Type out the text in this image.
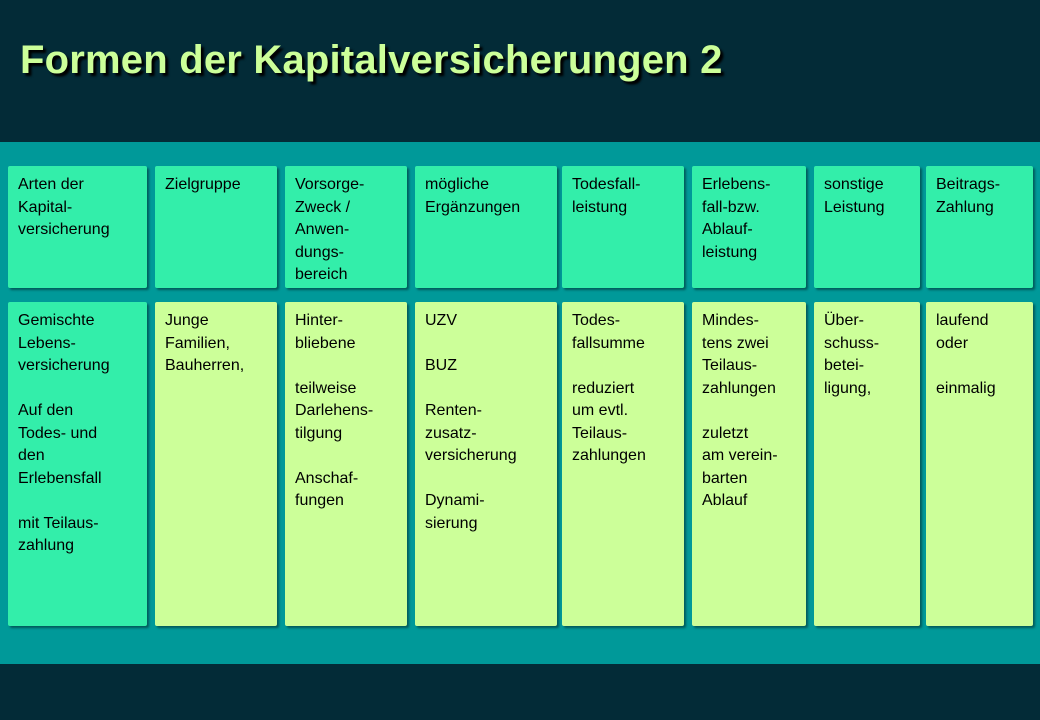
Formen der Kapitalversicherungen 2
Arten der
Kapital-
versicherung
Zielgruppe	Vorsorge-
Zweck /
Anwen-
dungs-
bereich
mögliche
Ergänzungen
Todesfall-
leistung
Erlebens-
fall-bzw.
Ablauf-
leistung
sonstige
Leistung
Beitrags-
Zahlung
Gemischte
Lebens-
versicherung

Auf den
Todes- und
den
Erlebensfall

mit Teilaus-
zahlung
Junge
Familien,
Bauherren,
Hinter-
bliebene

teilweise
Darlehens-
tilgung

Anschaf-
fungen
UZV

BUZ

Renten-
zusatz-
versicherung

Dynami-
sierung
Todes-
fallsumme

reduziert
um evtl.
Teilaus-
zahlungen
Mindes-
tens zwei
Teilaus-
zahlungen

zuletzt
am verein-
barten
Ablauf
Über-
schuss-
betei-
ligung,
laufend
oder

einmalig
